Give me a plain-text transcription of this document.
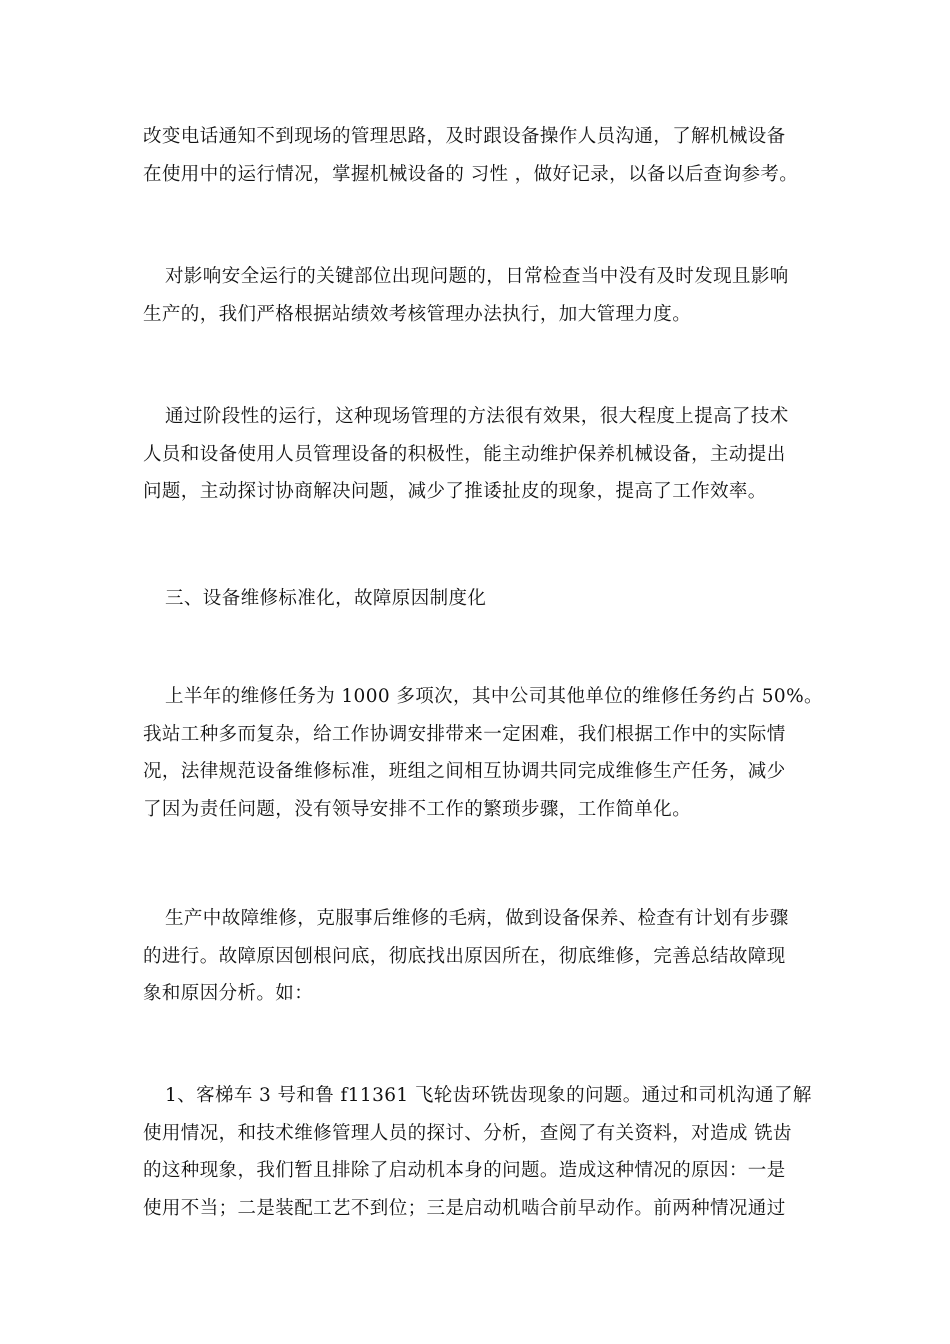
改变电话通知不到现场的管理思路，及时跟设备操作人员沟通，了解机械设备
在使用中的运行情况，掌握机械设备的 习性 ，做好记录，以备以后查询参考。
对影响安全运行的关键部位出现问题的，日常检查当中没有及时发现且影响
生产的，我们严格根据站绩效考核管理办法执行，加大管理力度。
通过阶段性的运行，这种现场管理的方法很有效果，很大程度上提高了技术
人员和设备使用人员管理设备的积极性，能主动维护保养机械设备，主动提出
问题，主动探讨协商解决问题，减少了推诿扯皮的现象，提高了工作效率。
三、设备维修标准化，故障原因制度化
上半年的维修任务为 1000 多项次，其中公司其他单位的维修任务约占 50%。
我站工种多而复杂，给工作协调安排带来一定困难，我们根据工作中的实际情
况，法律规范设备维修标准，班组之间相互协调共同完成维修生产任务，减少
了因为责任问题，没有领导安排不工作的繁琐步骤，工作简单化。
生产中故障维修，克服事后维修的毛病，做到设备保养、检查有计划有步骤
的进行。故障原因刨根问底，彻底找出原因所在，彻底维修，完善总结故障现
象和原因分析。如：
1、客梯车 3 号和鲁 f11361 飞轮齿环铣齿现象的问题。通过和司机沟通了解
使用情况，和技术维修管理人员的探讨、分析，查阅了有关资料，对造成 铣齿
的这种现象，我们暂且排除了启动机本身的问题。造成这种情况的原因：一是
使用不当；二是装配工艺不到位；三是启动机啮合前早动作。前两种情况通过
